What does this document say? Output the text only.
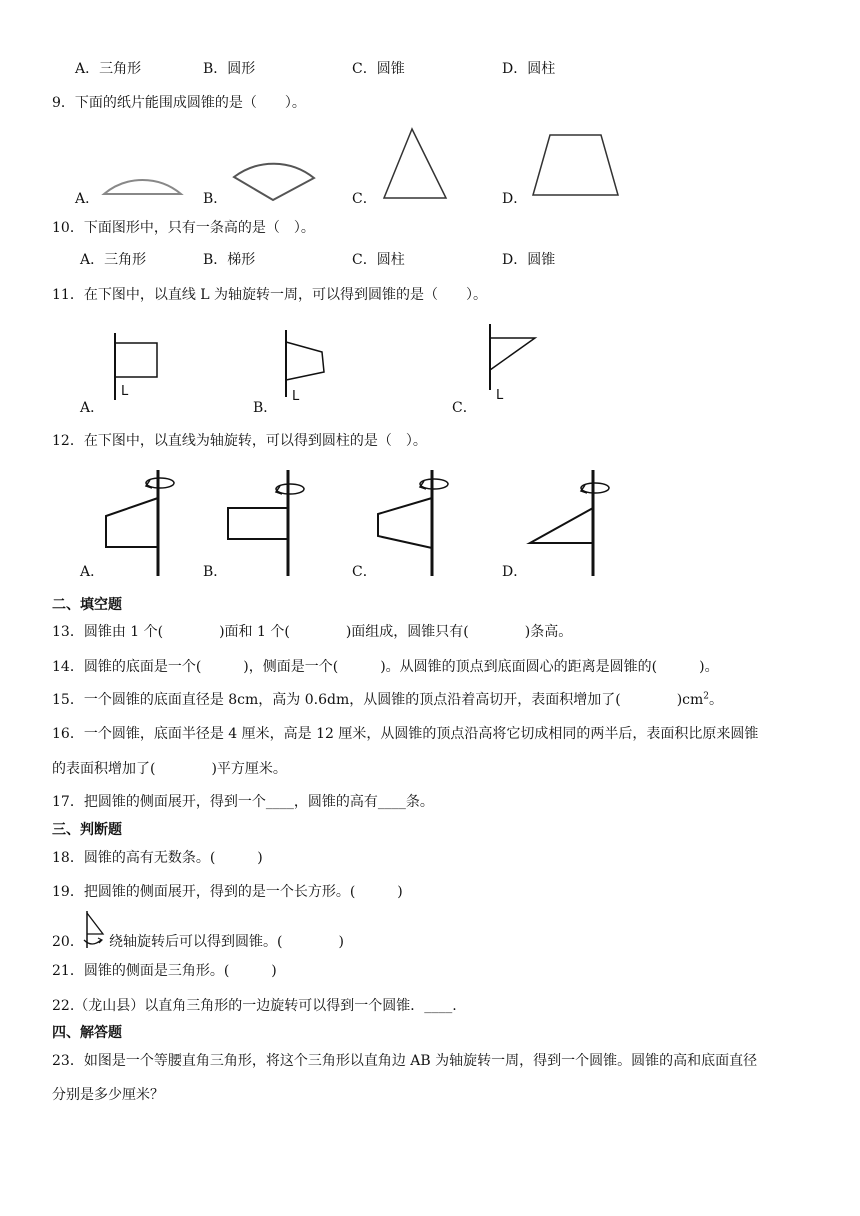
A．三角形	B．圆形	C．圆锥	D．圆柱
9．下面的纸片能围成圆锥的是（　　）。
A．	B．	C．	D．
10．下面图形中，只有一条高的是（　）。
A．三角形	B．梯形	C．圆柱	D．圆锥
11．在下图中，以直线 L 为轴旋转一周，可以得到圆锥的是（　　）。
A．	B．	C．
L	L	L
12．在下图中，以直线为轴旋转，可以得到圆柱的是（　）。
A．	B．	C．	D．
二、填空题
13．圆锥由 1 个(　　　　)面和 1 个(　　　　)面组成，圆锥只有(　　　　)条高。
14．圆锥的底面是一个(　　　)，侧面是一个(　　　)。从圆锥的顶点到底面圆心的距离是圆锥的(　　　)。
15．一个圆锥的底面直径是 8cm，高为 0.6dm，从圆锥的顶点沿着高切开，表面积增加了(　　　　)$cm^2$。
16．一个圆锥，底面半径是 4 厘米，高是 12 厘米，从圆锥的顶点沿高将它切成相同的两半后，表面积比原来圆锥
的表面积增加了(　　　　)平方厘米。
17．把圆锥的侧面展开，得到一个____，圆锥的高有____条。
三、判断题
18．圆锥的高有无数条。(　　　)
19．把圆锥的侧面展开，得到的是一个长方形。(　　　)
20． 绕轴旋转后可以得到圆锥。(　　　　)
21．圆锥的侧面是三角形。(　　　)
22.（龙山县）以直角三角形的一边旋转可以得到一个圆锥．____.
四、解答题
23．如图是一个等腰直角三角形，将这个三角形以直角边 AB 为轴旋转一周，得到一个圆锥。圆锥的高和底面直径
分别是多少厘米？
